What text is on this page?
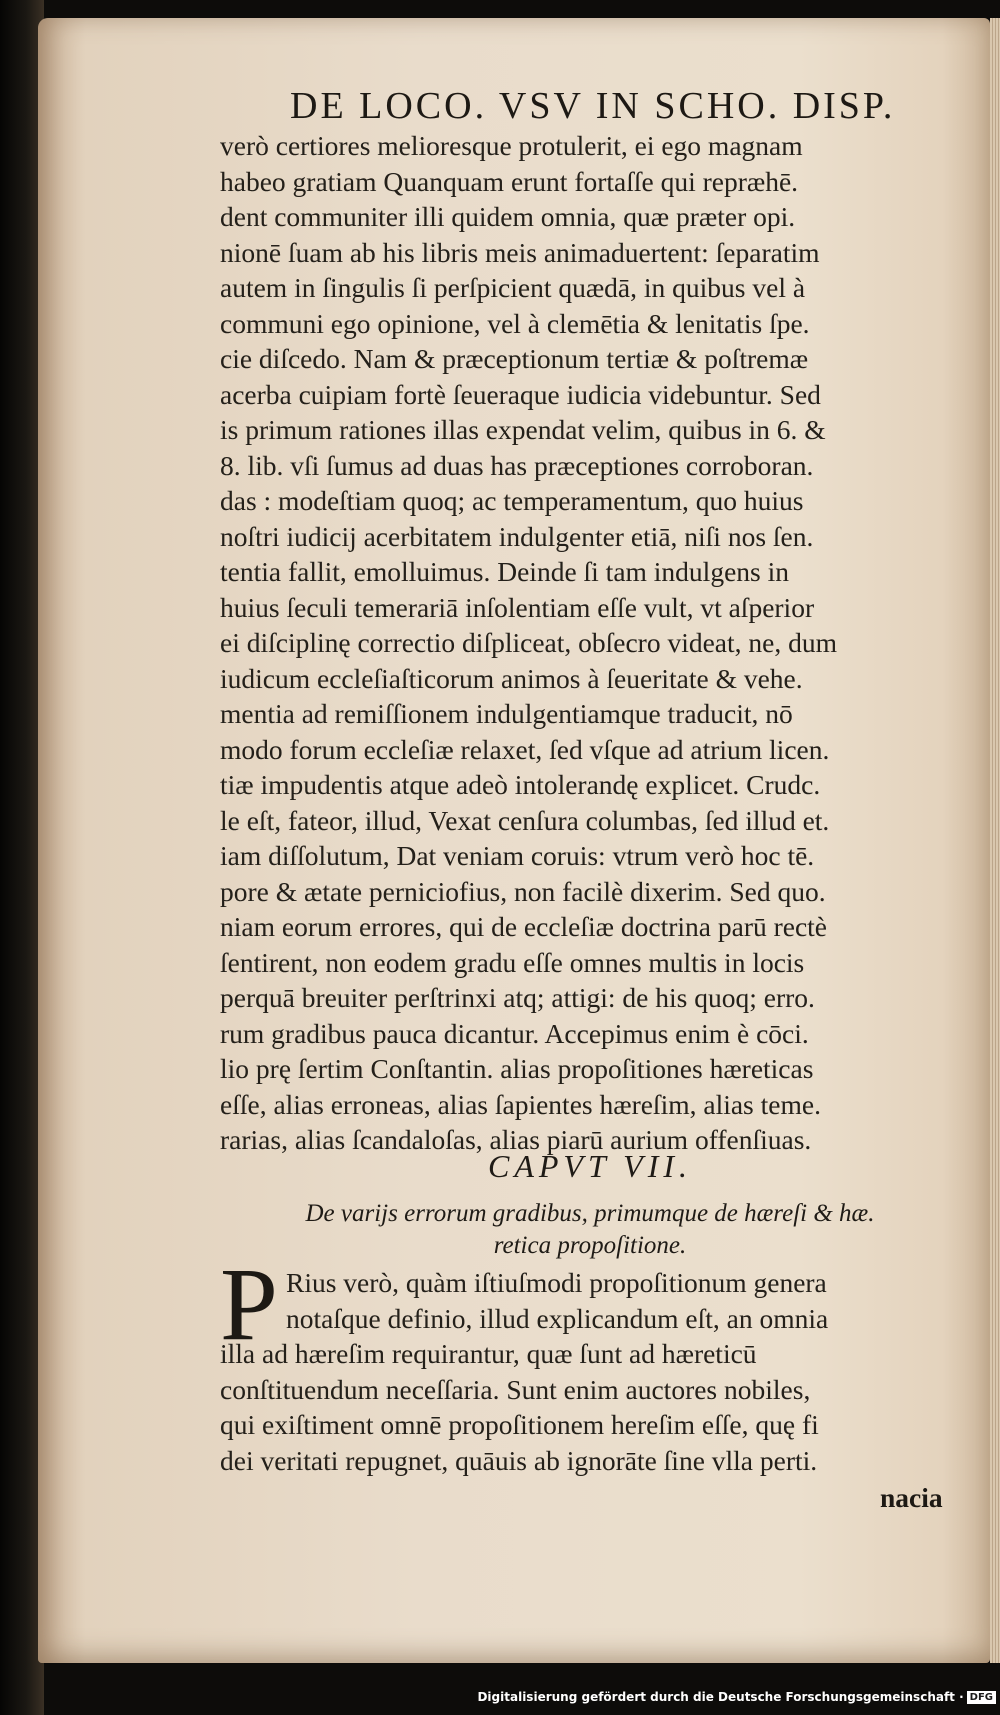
DE LOCO. VSV IN SCHO. DISP.
verò certiores melioresque protulerit, ei ego magnam
habeo gratiam Quanquam erunt fortaſſe qui repræhē.
dent communiter illi quidem omnia, quæ præter opi.
nionē ſuam ab his libris meis animaduertent: ſeparatim
autem in ſingulis ſi perſpicient quædā, in quibus vel à
communi ego opinione, vel à clemētia & lenitatis ſpe.
cie diſcedo. Nam & præceptionum tertiæ & poſtremæ
acerba cuipiam fortè ſeueraque iudicia videbuntur. Sed
is primum rationes illas expendat velim, quibus in 6. &
8. lib. vſi ſumus ad duas has præceptiones corroboran.
das : modeſtiam quoq; ac temperamentum, quo huius
noſtri iudicij acerbitatem indulgenter etiā, niſi nos ſen.
tentia fallit, emolluimus. Deinde ſi tam indulgens in
huius ſeculi temerariā inſolentiam eſſe vult, vt aſperior
ei diſciplinę correctio diſpliceat, obſecro videat, ne, dum
iudicum eccleſiaſticorum animos à ſeueritate & vehe.
mentia ad remiſſionem indulgentiamque traducit, nō
modo forum eccleſiæ relaxet, ſed vſque ad atrium licen.
tiæ impudentis atque adeò intolerandę explicet. Crudc.
le eſt, fateor, illud, Vexat cenſura columbas, ſed illud et.
iam diſſolutum, Dat veniam coruis: vtrum verò hoc tē.
pore & ætate perniciofius, non facilè dixerim. Sed quo.
niam eorum errores, qui de eccleſiæ doctrina parū rectè
ſentirent, non eodem gradu eſſe omnes multis in locis
perquā breuiter perſtrinxi atq; attigi: de his quoq; erro.
rum gradibus pauca dicantur. Accepimus enim è cōci.
lio prę ſertim Conſtantin. alias propoſitiones hæreticas
eſſe, alias erroneas, alias ſapientes hæreſim, alias teme.
rarias, alias ſcandaloſas, alias piarū aurium offenſiuas.
CAPVT VII.
De varijs errorum gradibus, primumque de hæreſi & hæ.
retica propoſitione.
P Rius verò, quàm iſtiuſmodi propoſitionum genera
notaſque definio, illud explicandum eſt, an omnia
illa ad hæreſim requirantur, quæ ſunt ad hæreticū
conſtituendum neceſſaria. Sunt enim auctores nobiles,
qui exiſtiment omnē propoſitionem hereſim eſſe, quę fi
dei veritati repugnet, quāuis ab ignorāte ſine vlla perti.
Digitalisierung gefördert durch die Deutsche Forschungsgemeinschaft · DFG
nacia
